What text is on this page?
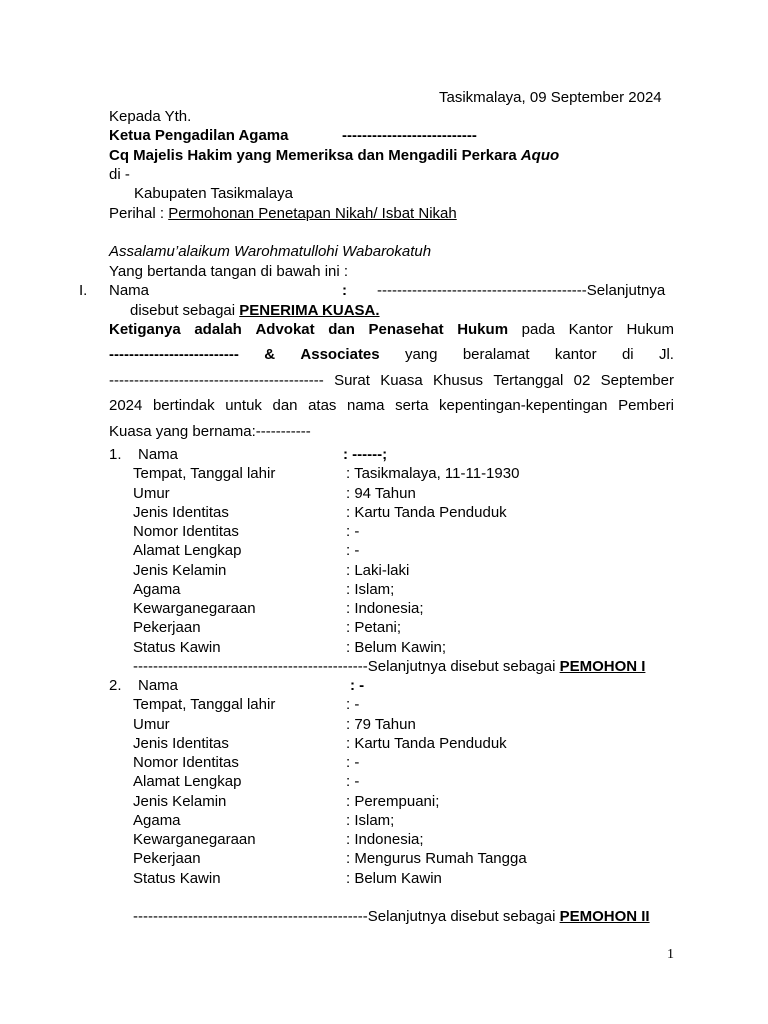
Tasikmalaya, 09 September 2024
Kepada Yth.
Ketua Pengadilan Agama	---------------------------
Cq Majelis Hakim yang Memeriksa dan Mengadili Perkara Aquo
di -
Kabupaten Tasikmalaya
Perihal : Permohonan Penetapan Nikah/ Isbat Nikah
Assalamu’alaikum Warohmatullohi Wabarokatuh
Yang bertanda tangan di bawah ini :
I. Nama	: ------------------------------------------Selanjutnya
disebut sebagai PENERIMA KUASA.
Ketiganya adalah Advokat dan Penasehat Hukum pada Kantor Hukum
-------------------------- & Associates yang beralamat kantor di Jl.
------------------------------------------- Surat Kuasa Khusus Tertanggal 02 September
2024 bertindak untuk dan atas nama serta kepentingan-kepentingan Pemberi
Kuasa yang bernama:-----------
1. Nama	: ------;
Tempat, Tanggal lahir	: Tasikmalaya, 11-11-1930
Umur	: 94 Tahun
Jenis Identitas	: Kartu Tanda Penduduk
Nomor Identitas	: -
Alamat Lengkap	: -
Jenis Kelamin	: Laki-laki
Agama	: Islam;
Kewarganegaraan	: Indonesia;
Pekerjaan	: Petani;
Status Kawin	: Belum Kawin;
-----------------------------------------------Selanjutnya disebut sebagai PEMOHON I
2. Nama	: -
Tempat, Tanggal lahir	: -
Umur	: 79 Tahun
Jenis Identitas	: Kartu Tanda Penduduk
Nomor Identitas	: -
Alamat Lengkap	: -
Jenis Kelamin	: Perempuani;
Agama	: Islam;
Kewarganegaraan	: Indonesia;
Pekerjaan	: Mengurus Rumah Tangga
Status Kawin	: Belum Kawin
-----------------------------------------------Selanjutnya disebut sebagai PEMOHON II
1
